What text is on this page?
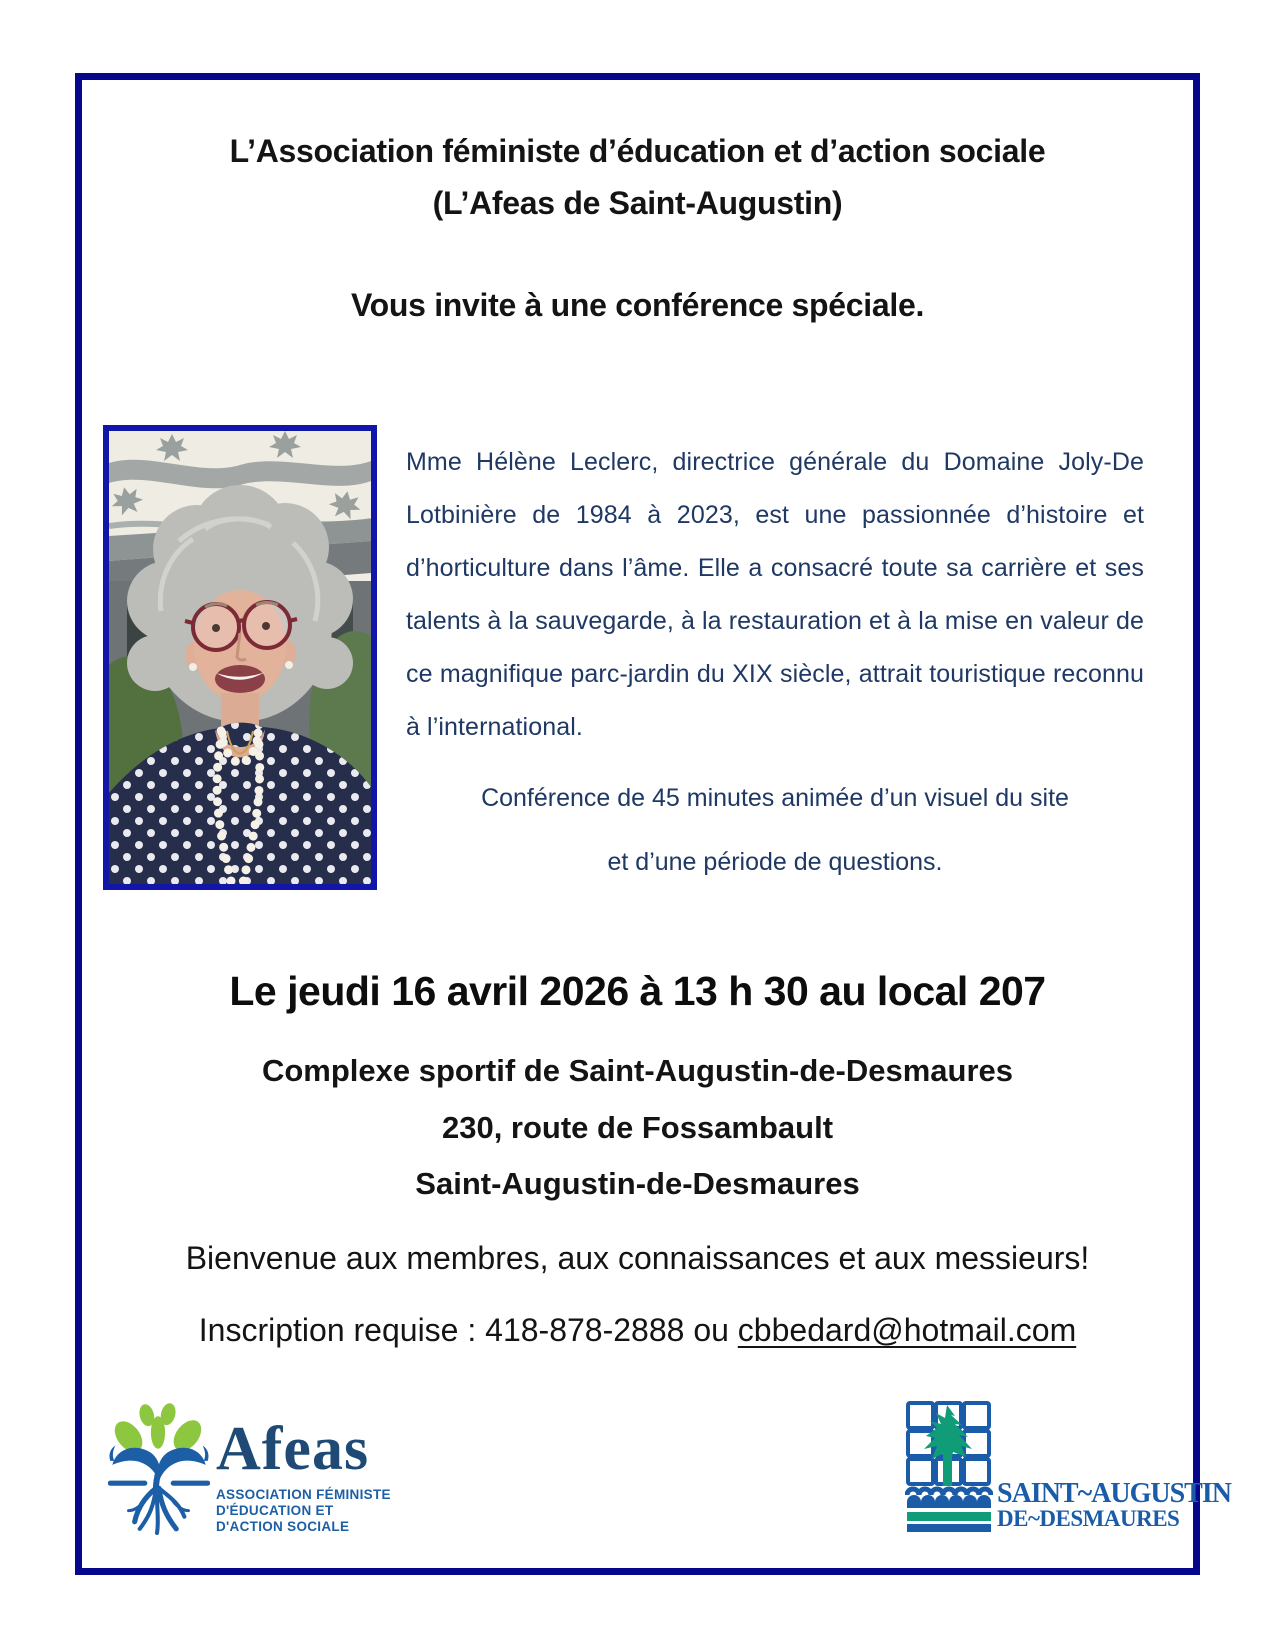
L’Association féministe d’éducation et d’action sociale
(L’Afeas de Saint-Augustin)
Vous invite à une conférence spéciale.
Mme Hélène Leclerc, directrice générale du Domaine Joly-De Lotbinière de 1984 à 2023, est une passionnée d’histoire et d’horticulture dans l’âme. Elle a consacré toute sa carrière et ses talents à la sauvegarde, à la restauration et à la mise en valeur de ce magnifique parc-jardin du XIX siècle, attrait touristique reconnu à l’international.
Conférence de 45 minutes animée d’un visuel du site
et d’une période de questions.
Le jeudi 16 avril 2026 à 13 h 30 au local 207
Complexe sportif de Saint-Augustin-de-Desmaures
230, route de Fossambault
Saint-Augustin-de-Desmaures
Bienvenue aux membres, aux connaissances et aux messieurs!
Inscription requise : 418-878-2888 ou cbbedard@hotmail.com
Afeas
ASSOCIATION FÉMINISTE
D'ÉDUCATION ET
D'ACTION SOCIALE
SAINT~AUGUSTIN
DE~DESMAURES
